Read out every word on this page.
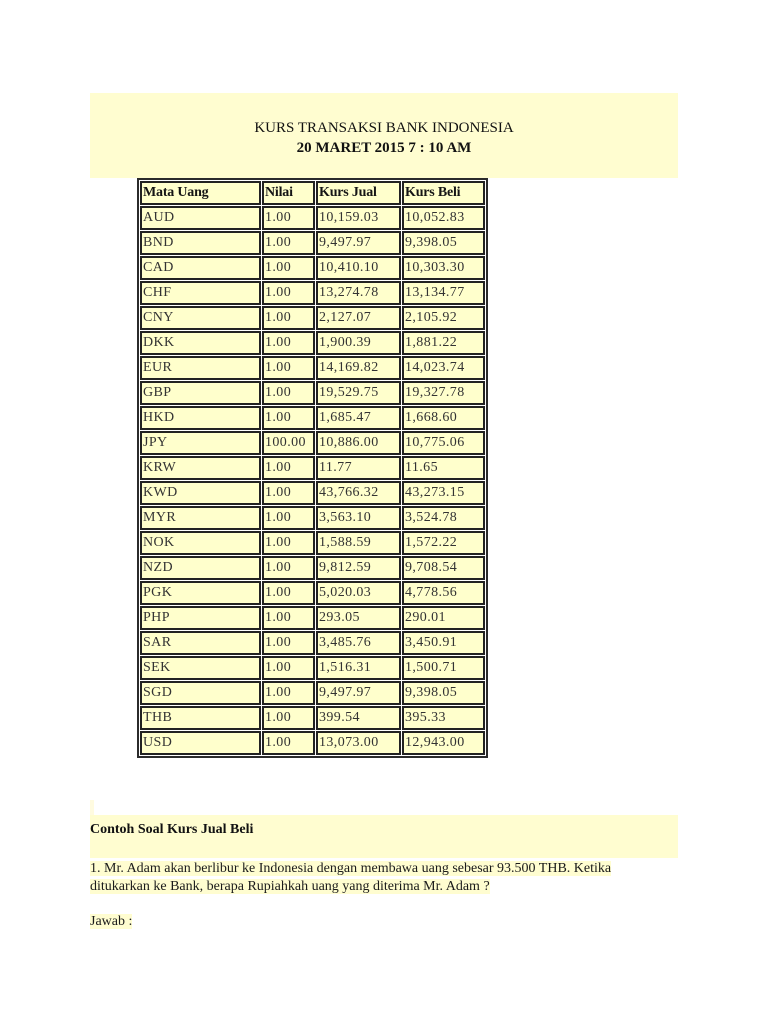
KURS TRANSAKSI BANK INDONESIA
20 MARET 2015 7 : 10 AM
Mata Uang	Nilai	Kurs Jual	Kurs Beli
AUD	1.00	10,159.03	10,052.83
BND	1.00	9,497.97	9,398.05
CAD	1.00	10,410.10	10,303.30
CHF	1.00	13,274.78	13,134.77
CNY	1.00	2,127.07	2,105.92
DKK	1.00	1,900.39	1,881.22
EUR	1.00	14,169.82	14,023.74
GBP	1.00	19,529.75	19,327.78
HKD	1.00	1,685.47	1,668.60
JPY	100.00	10,886.00	10,775.06
KRW	1.00	11.77	11.65
KWD	1.00	43,766.32	43,273.15
MYR	1.00	3,563.10	3,524.78
NOK	1.00	1,588.59	1,572.22
NZD	1.00	9,812.59	9,708.54
PGK	1.00	5,020.03	4,778.56
PHP	1.00	293.05	290.01
SAR	1.00	3,485.76	3,450.91
SEK	1.00	1,516.31	1,500.71
SGD	1.00	9,497.97	9,398.05
THB	1.00	399.54	395.33
USD	1.00	13,073.00	12,943.00
Contoh Soal Kurs Jual Beli
1. Mr. Adam akan berlibur ke Indonesia dengan membawa uang sebesar 93.500 THB. Ketika
ditukarkan ke Bank, berapa Rupiahkah uang yang diterima Mr. Adam ?
Jawab :
